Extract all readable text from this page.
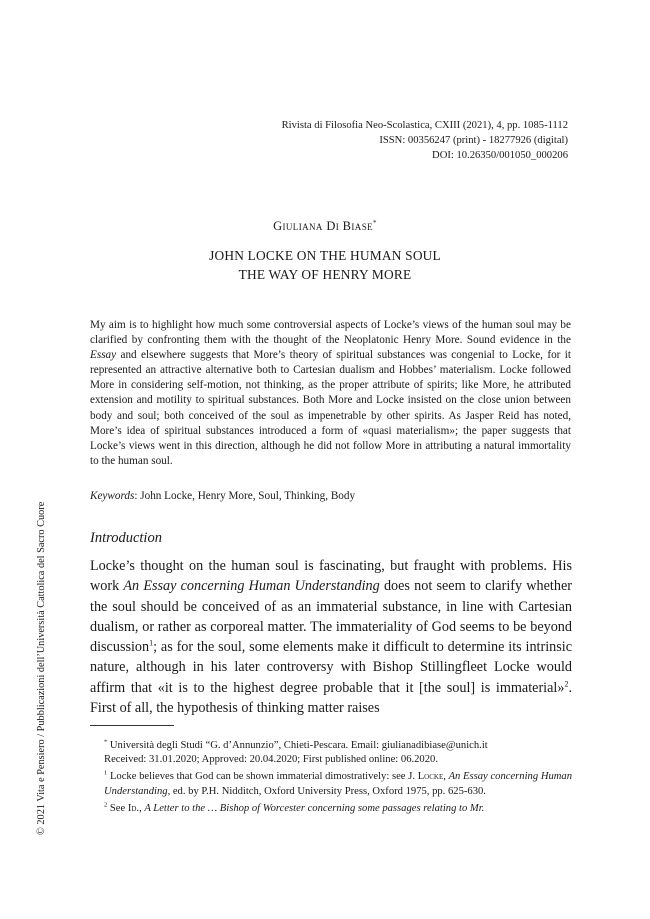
Rivista di Filosofia Neo-Scolastica, CXIII (2021), 4, pp. 1085-1112
ISSN: 00356247 (print) - 18277926 (digital)
DOI: 10.26350/001050_000206
Giuliana Di Biase*
JOHN LOCKE ON THE HUMAN SOUL
THE WAY OF HENRY MORE

My aim is to highlight how much some controversial aspects of Locke’s views of the human soul may be clarified by confronting them with the thought of the Neoplatonic Henry More. Sound evidence in the Essay and elsewhere suggests that More’s theory of spiritual substances was congenial to Locke, for it represented an attractive alternative both to Cartesian dualism and Hobbes’ materialism. Locke followed More in considering self-motion, not thinking, as the proper attribute of spirits; like More, he attributed extension and motility to spiritual substances. Both More and Locke insisted on the close union between body and soul; both conceived of the soul as impenetrable by other spirits. As Jasper Reid has noted, More’s idea of spiritual substances introduced a form of «quasi materialism»; the paper suggests that Locke’s views went in this direction, although he did not follow More in attributing a natural immortality to the human soul.

Keywords: John Locke, Henry More, Soul, Thinking, Body
Introduction

Locke’s thought on the human soul is fascinating, but fraught with problems. His work An Essay concerning Human Understanding does not seem to clarify whether the soul should be conceived of as an immaterial substance, in line with Cartesian dualism, or rather as corporeal matter. The immateriality of God seems to be beyond discussion$^1$; as for the soul, some elements make it difficult to determine its intrinsic nature, although in his later controversy with Bishop Stillingfleet Locke would affirm that «it is to the highest degree probable that it [the soul] is immaterial»$^2$. First of all, the hypothesis of thinking matter raises

* Università degli Studi “G. d’Annunzio”, Chieti-Pescara. Email: giulianadibiase@unich.it
Received: 31.01.2020; Approved: 20.04.2020; First published online: 06.2020.

$^1$ Locke believes that God can be shown immaterial dimostratively: see J. Locke, An Essay concerning Human Understanding, ed. by P.H. Nidditch, Oxford University Press, Oxford 1975, pp. 625-630.

$^2$ See Id., A Letter to the … Bishop of Worcester concerning some passages relating to Mr.

© 2021 Vita e Pensiero / Pubblicazioni dell’Università Cattolica del Sacro Cuore
